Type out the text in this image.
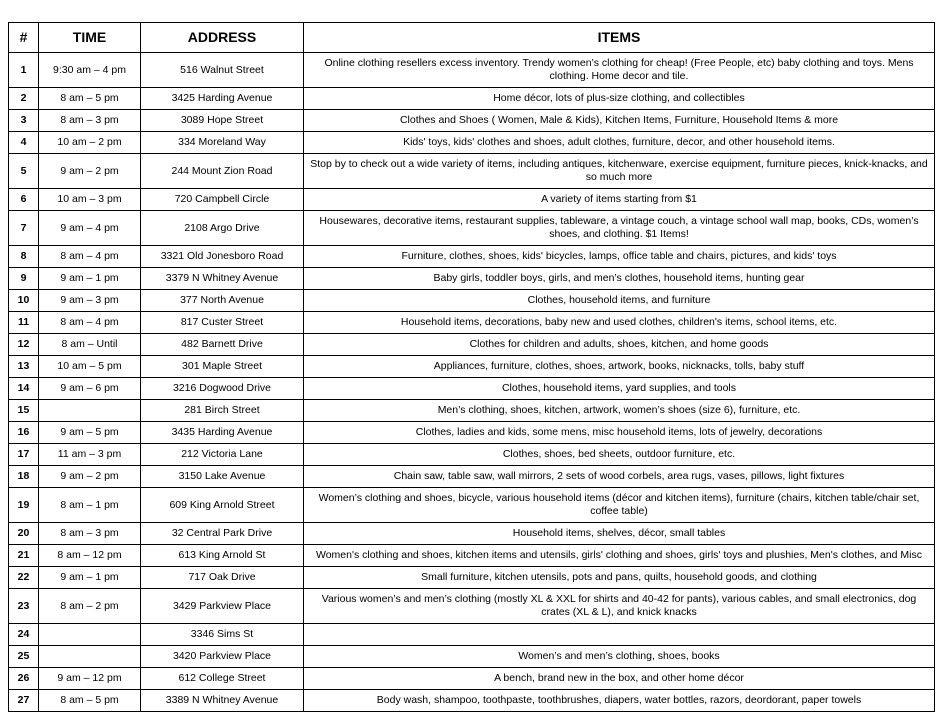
#	TIME	ADDRESS	ITEMS
1	9:30 am – 4 pm	516 Walnut Street	Online clothing resellers excess inventory. Trendy women’s clothing for cheap! (Free People, etc) baby clothing and toys. Mens clothing. Home decor and tile.
2	8 am – 5 pm	3425 Harding Avenue	Home décor, lots of plus-size clothing, and collectibles
3	8 am – 3 pm	3089 Hope Street	Clothes and Shoes ( Women, Male & Kids), Kitchen Items, Furniture, Household Items & more
4	10 am – 2 pm	334 Moreland Way	Kids' toys, kids' clothes and shoes, adult clothes, furniture, decor, and other household items.
5	9 am – 2 pm	244 Mount Zion Road	Stop by to check out a wide variety of items, including antiques, kitchenware, exercise equipment, furniture pieces, knick-knacks, and so much more
6	10 am – 3 pm	720 Campbell Circle	A variety of items starting from $1
7	9 am – 4 pm	2108 Argo Drive	Housewares, decorative items, restaurant supplies, tableware, a vintage couch, a vintage school wall map, books, CDs, women’s shoes, and clothing. $1 Items!
8	8 am – 4 pm	3321 Old Jonesboro Road	Furniture, clothes, shoes, kids' bicycles, lamps, office table and chairs, pictures, and kids' toys
9	9 am – 1 pm	3379 N Whitney Avenue	Baby girls, toddler boys, girls, and men’s clothes, household items, hunting gear
10	9 am – 3 pm	377 North Avenue	Clothes, household items, and furniture
11	8 am – 4 pm	817 Custer Street	Household items, decorations, baby new and used clothes, children's items, school items, etc.
12	8 am – Until	482 Barnett Drive	Clothes for children and adults, shoes, kitchen, and home goods
13	10 am – 5 pm	301 Maple Street	Appliances, furniture, clothes, shoes, artwork, books, nicknacks, tolls, baby stuff
14	9 am – 6 pm	3216 Dogwood Drive	Clothes, household items, yard supplies, and tools
15		281 Birch Street	Men’s clothing, shoes, kitchen, artwork, women’s shoes (size 6), furniture, etc.
16	9 am – 5 pm	3435 Harding Avenue	Clothes, ladies and kids, some mens, misc household items, lots of jewelry, decorations
17	11 am – 3 pm	212 Victoria Lane	Clothes, shoes, bed sheets, outdoor furniture, etc.
18	9 am – 2 pm	3150 Lake Avenue	Chain saw, table saw, wall mirrors, 2 sets of wood corbels, area rugs, vases, pillows, light fixtures
19	8 am – 1 pm	609 King Arnold Street	Women’s clothing and shoes, bicycle, various household items (décor and kitchen items), furniture (chairs, kitchen table/chair set, coffee table)
20	8 am – 3 pm	32 Central Park Drive	Household items, shelves, décor, small tables
21	8 am – 12 pm	613 King Arnold St	Women's clothing and shoes, kitchen items and utensils, girls' clothing and shoes, girls' toys and plushies, Men's clothes, and Misc
22	9 am – 1 pm	717 Oak Drive	Small furniture, kitchen utensils, pots and pans, quilts, household goods, and clothing
23	8 am – 2 pm	3429 Parkview Place	Various women’s and men’s clothing (mostly XL & XXL for shirts and 40-42 for pants), various cables, and small electronics, dog crates (XL & L), and knick knacks
24		3346 Sims St	
25		3420 Parkview Place	Women’s and men’s clothing, shoes, books
26	9 am – 12 pm	612 College Street	A bench, brand new in the box, and other home décor
27	8 am – 5 pm	3389 N Whitney Avenue	Body wash, shampoo, toothpaste, toothbrushes, diapers, water bottles, razors, deordorant, paper towels
